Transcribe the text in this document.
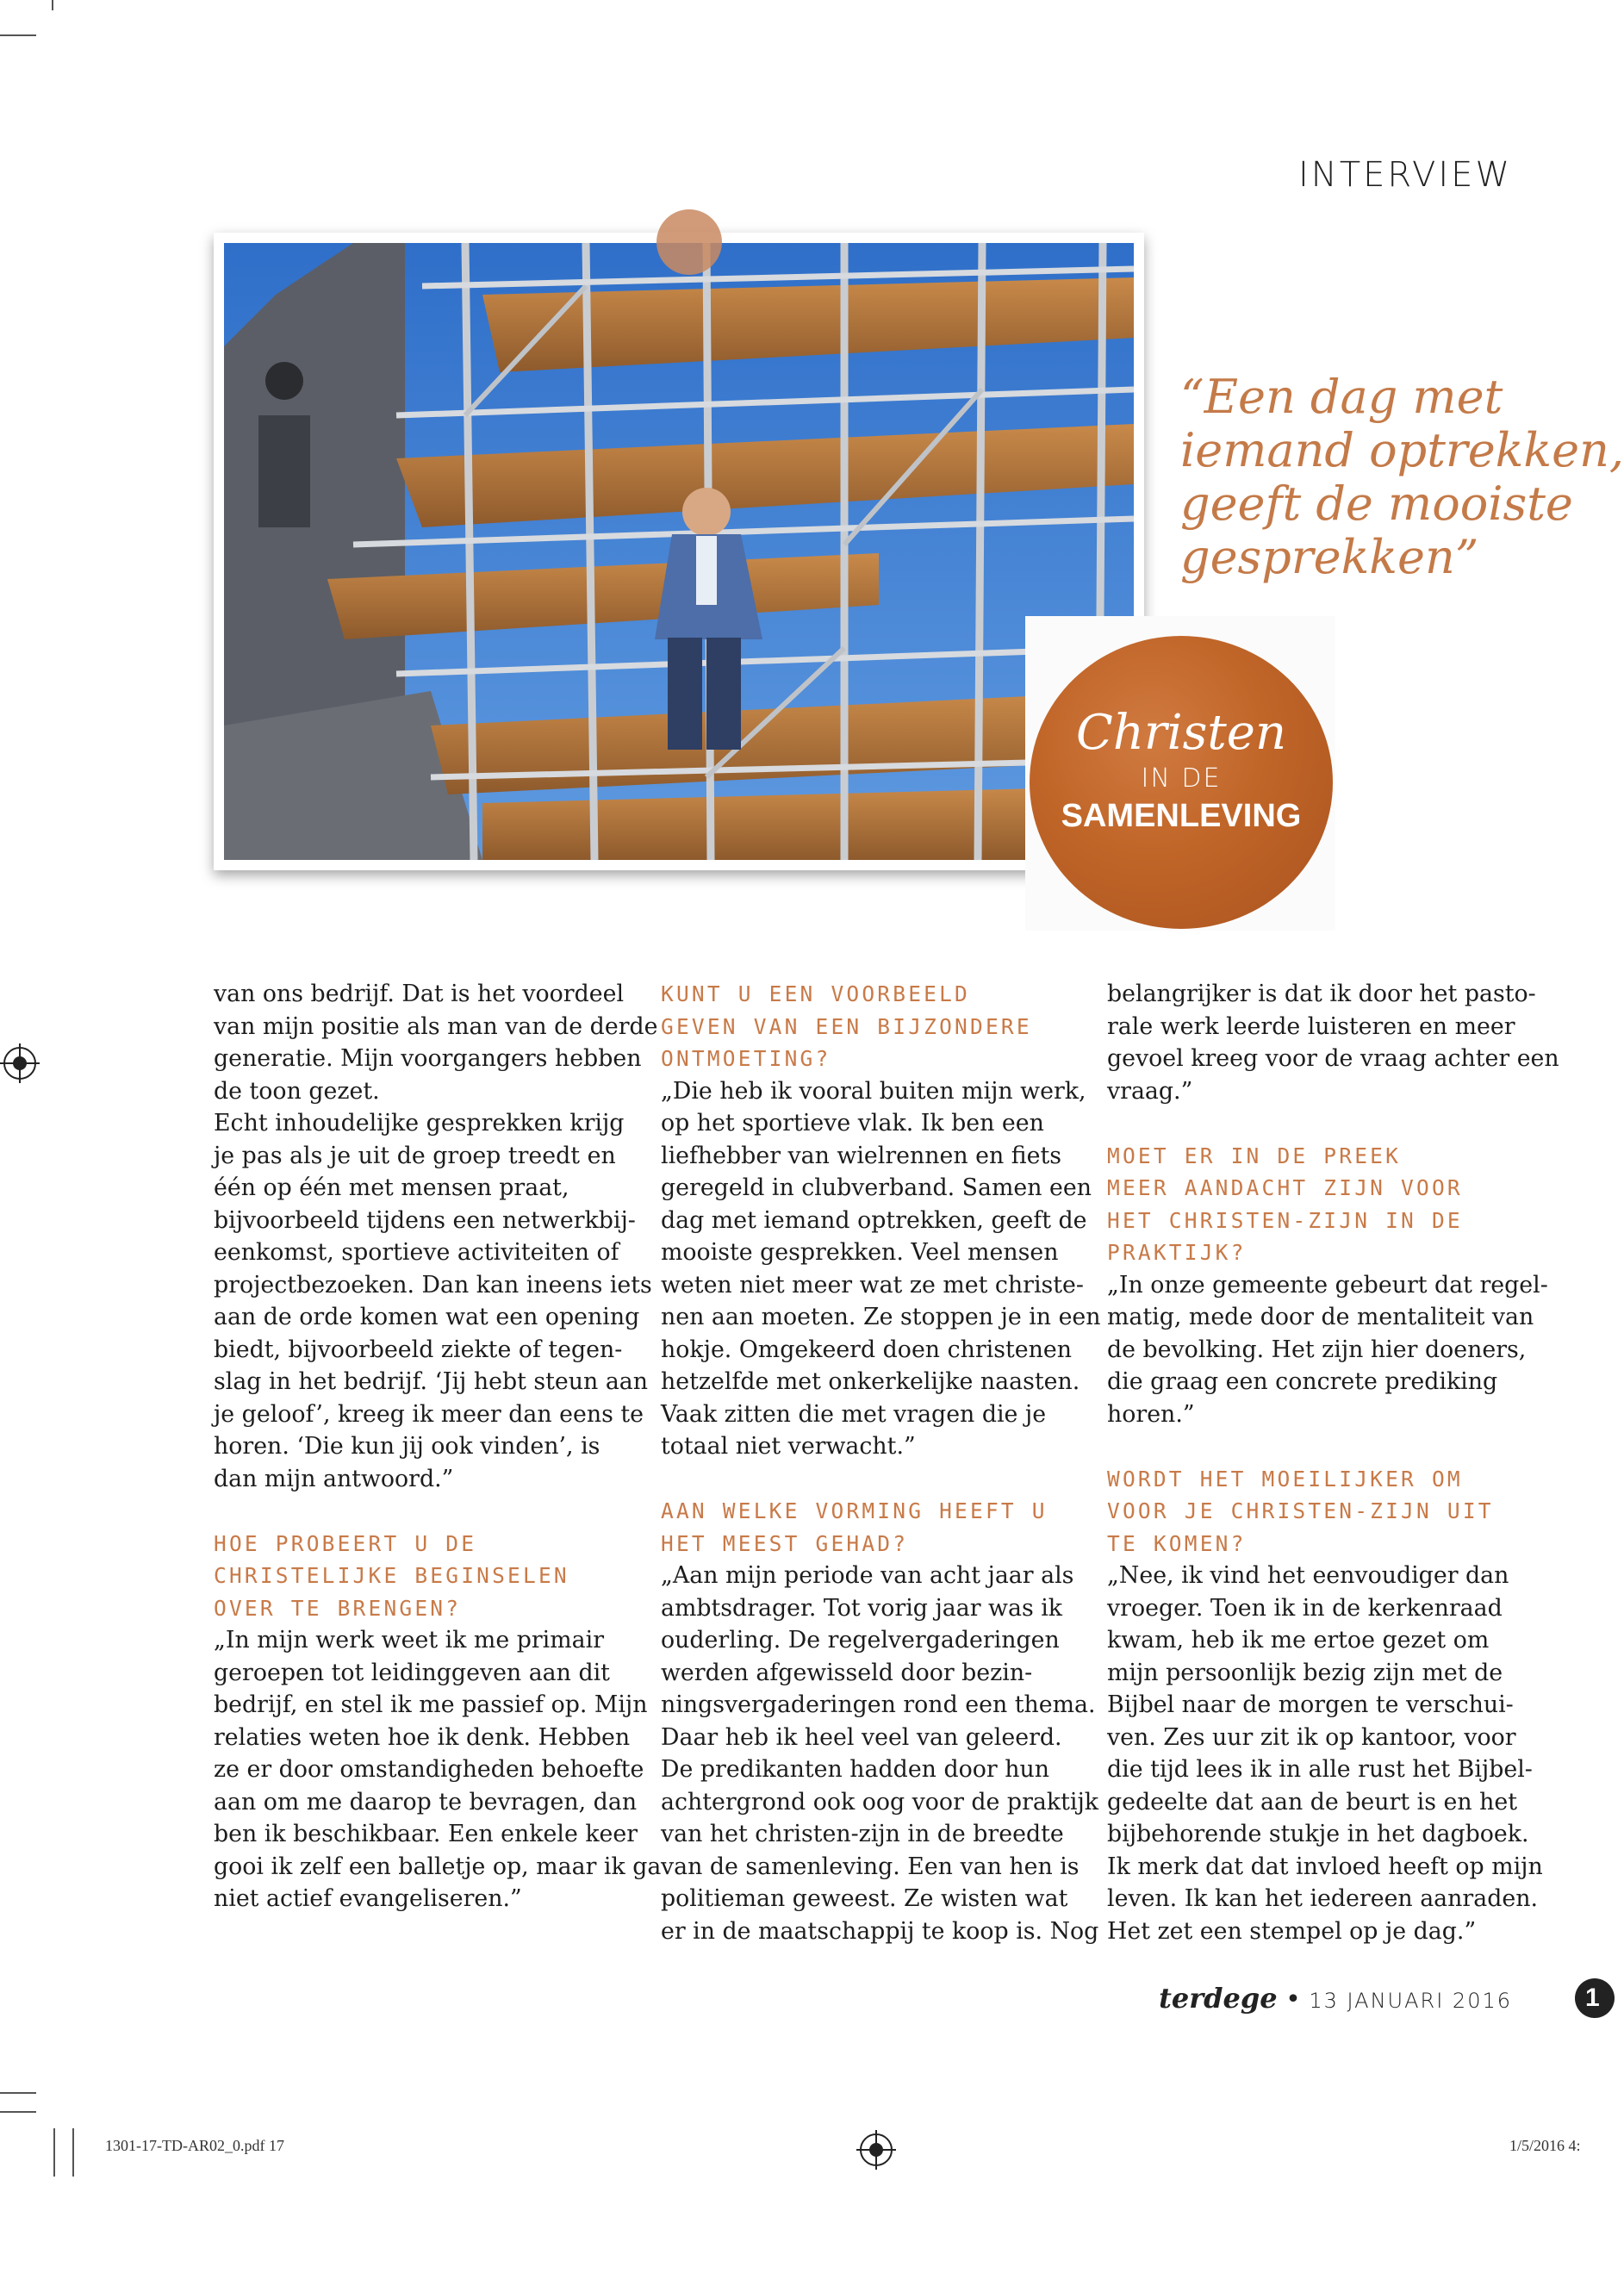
INTERVIEW
“Een dag met
iemand optrekken,
geeft de mooiste
gesprekken”
Christen
IN DE
SAMENLEVING
van ons bedrijf. Dat is het voordeel
van mijn positie als man van de derde
generatie. Mijn voorgangers hebben
de toon gezet.
Echt inhoudelijke gesprekken krijg
je pas als je uit de groep treedt en
één op één met mensen praat,
bijvoorbeeld tijdens een netwerkbij-
eenkomst, sportieve activiteiten of
projectbezoeken. Dan kan ineens iets
aan de orde komen wat een opening
biedt, bijvoorbeeld ziekte of tegen-
slag in het bedrijf. ‘Jij hebt steun aan
je geloof’, kreeg ik meer dan eens te
horen. ‘Die kun jij ook vinden’, is
dan mijn antwoord.”
HOE PROBEERT U DE
CHRISTELIJKE BEGINSELEN
OVER TE BRENGEN?
„In mijn werk weet ik me primair
geroepen tot leidinggeven aan dit
bedrijf, en stel ik me passief op. Mijn
relaties weten hoe ik denk. Hebben
ze er door omstandigheden behoefte
aan om me daarop te bevragen, dan
ben ik beschikbaar. Een enkele keer
gooi ik zelf een balletje op, maar ik ga
niet actief evangeliseren.”
KUNT U EEN VOORBEELD
GEVEN VAN EEN BIJZONDERE
ONTMOETING?
„Die heb ik vooral buiten mijn werk,
op het sportieve vlak. Ik ben een
liefhebber van wielrennen en fiets
geregeld in clubverband. Samen een
dag met iemand optrekken, geeft de
mooiste gesprekken. Veel mensen
weten niet meer wat ze met christe-
nen aan moeten. Ze stoppen je in een
hokje. Omgekeerd doen christenen
hetzelfde met onkerkelijke naasten.
Vaak zitten die met vragen die je
totaal niet verwacht.”
AAN WELKE VORMING HEEFT U
HET MEEST GEHAD?
„Aan mijn periode van acht jaar als
ambtsdrager. Tot vorig jaar was ik
ouderling. De regelvergaderingen
werden afgewisseld door bezin-
ningsvergaderingen rond een thema.
Daar heb ik heel veel van geleerd.
De predikanten hadden door hun
achtergrond ook oog voor de praktijk
van het christen-zijn in de breedte
van de samenleving. Een van hen is
politieman geweest. Ze wisten wat
er in de maatschappij te koop is. Nog
belangrijker is dat ik door het pasto-
rale werk leerde luisteren en meer
gevoel kreeg voor de vraag achter een
vraag.”
MOET ER IN DE PREEK
MEER AANDACHT ZIJN VOOR
HET CHRISTEN-ZIJN IN DE
PRAKTIJK?
„In onze gemeente gebeurt dat regel-
matig, mede door de mentaliteit van
de bevolking. Het zijn hier doeners,
die graag een concrete prediking
horen.”
WORDT HET MOEILIJKER OM
VOOR JE CHRISTEN-ZIJN UIT
TE KOMEN?
„Nee, ik vind het eenvoudiger dan
vroeger. Toen ik in de kerkenraad
kwam, heb ik me ertoe gezet om
mijn persoonlijk bezig zijn met de
Bijbel naar de morgen te verschui-
ven. Zes uur zit ik op kantoor, voor
die tijd lees ik in alle rust het Bijbel-
gedeelte dat aan de beurt is en het
bijbehorende stukje in het dagboek.
Ik merk dat dat invloed heeft op mijn
leven. Ik kan het iedereen aanraden.
Het zet een stempel op je dag.”
terdege • 13 JANUARI 2016	1
1301-17-TD-AR02_0.pdf 17	1/5/2016 4:
